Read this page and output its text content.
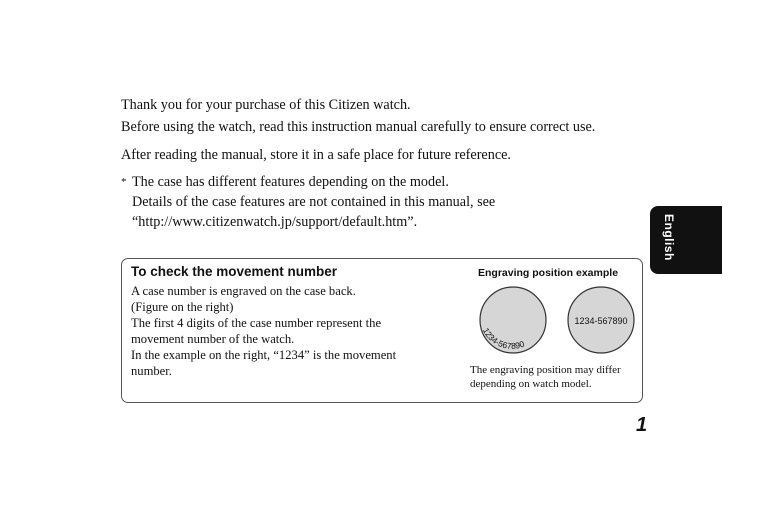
Thank you for your purchase of this Citizen watch.

Before using the watch, read this instruction manual carefully to ensure correct use.

After reading the manual, store it in a safe place for future reference.

* The case has different features depending on the model.

Details of the case features are not contained in this manual, see

“http://www.citizenwatch.jp/support/default.htm”.	English
To check the movement number

A case number is engraved on the case back.

(Figure on the right)

The first 4 digits of the case number represent the

movement number of the watch.

In the example on the right, “1234” is the movement

number.

Engraving position example
1234-567890
1234-567890

The engraving position may differ

depending on watch model.

1
